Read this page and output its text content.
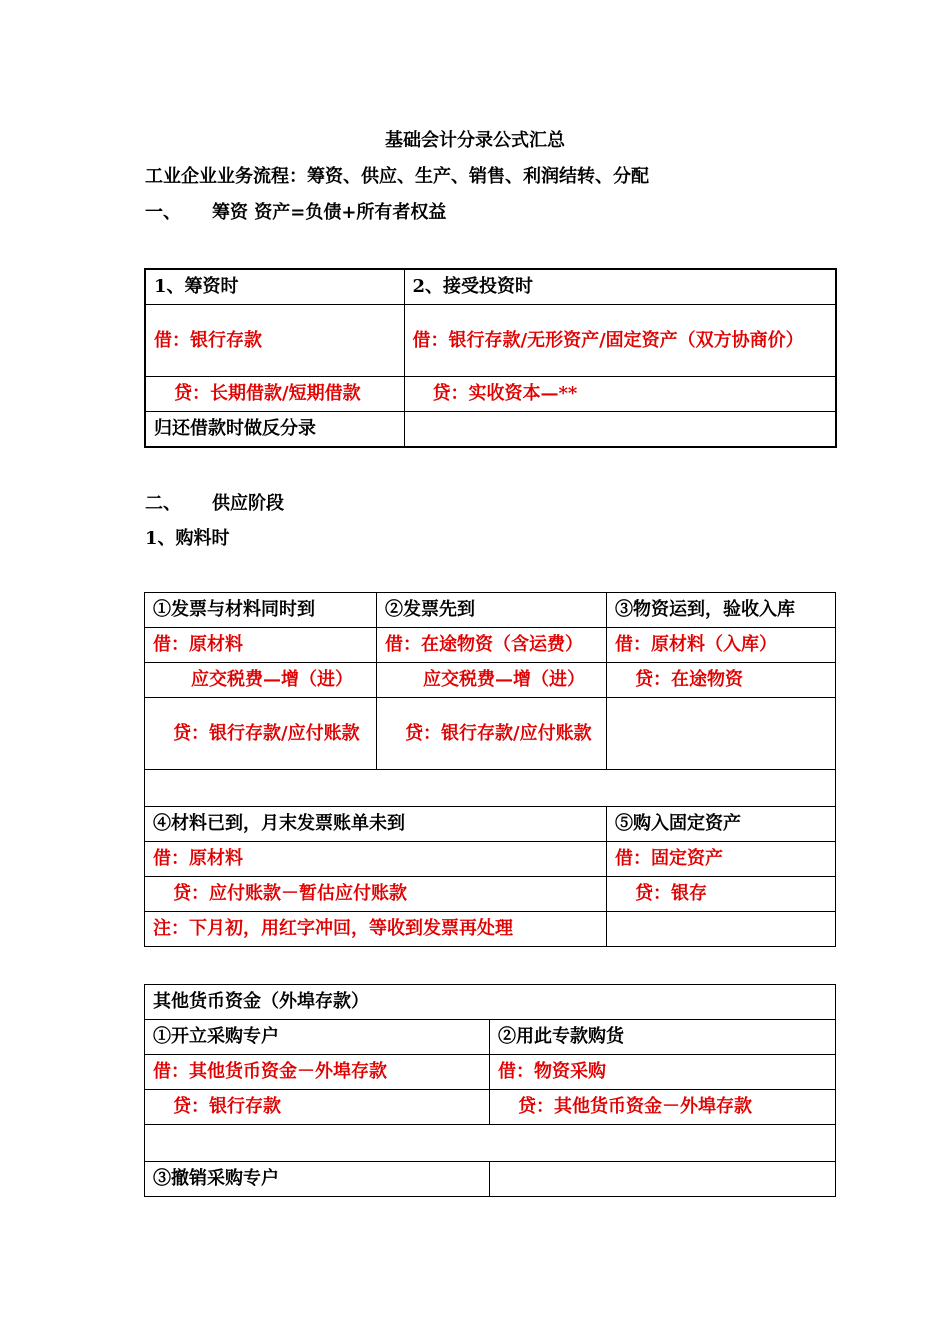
基础会计分录公式汇总
工业企业业务流程：筹资、供应、生产、销售、利润结转、分配
一、 筹资 资产=负债+所有者权益
1、筹资时	2、接受投资时
借：银行存款	借：银行存款/无形资产/固定资产（双方协商价）
贷：长期借款/短期借款	贷：实收资本—**
归还借款时做反分录	
二、 供应阶段
1、购料时
①发票与材料同时到	②发票先到	③物资运到，验收入库
借：原材料	借：在途物资（含运费）	借：原材料（入库）
应交税费—增（进）	应交税费—增（进）	贷：在途物资
贷：银行存款/应付账款	贷：银行存款/应付账款	

④材料已到，月末发票账单未到		⑤购入固定资产
借：原材料		借：固定资产
贷：应付账款－暂估应付账款		贷：银存
注：下月初，用红字冲回，等收到发票再处理		
其他货币资金（外埠存款）	
①开立采购专户	②用此专款购货
借：其他货币资金－外埠存款	借：物资采购
贷：银行存款	贷：其他货币资金－外埠存款

③撤销采购专户	
